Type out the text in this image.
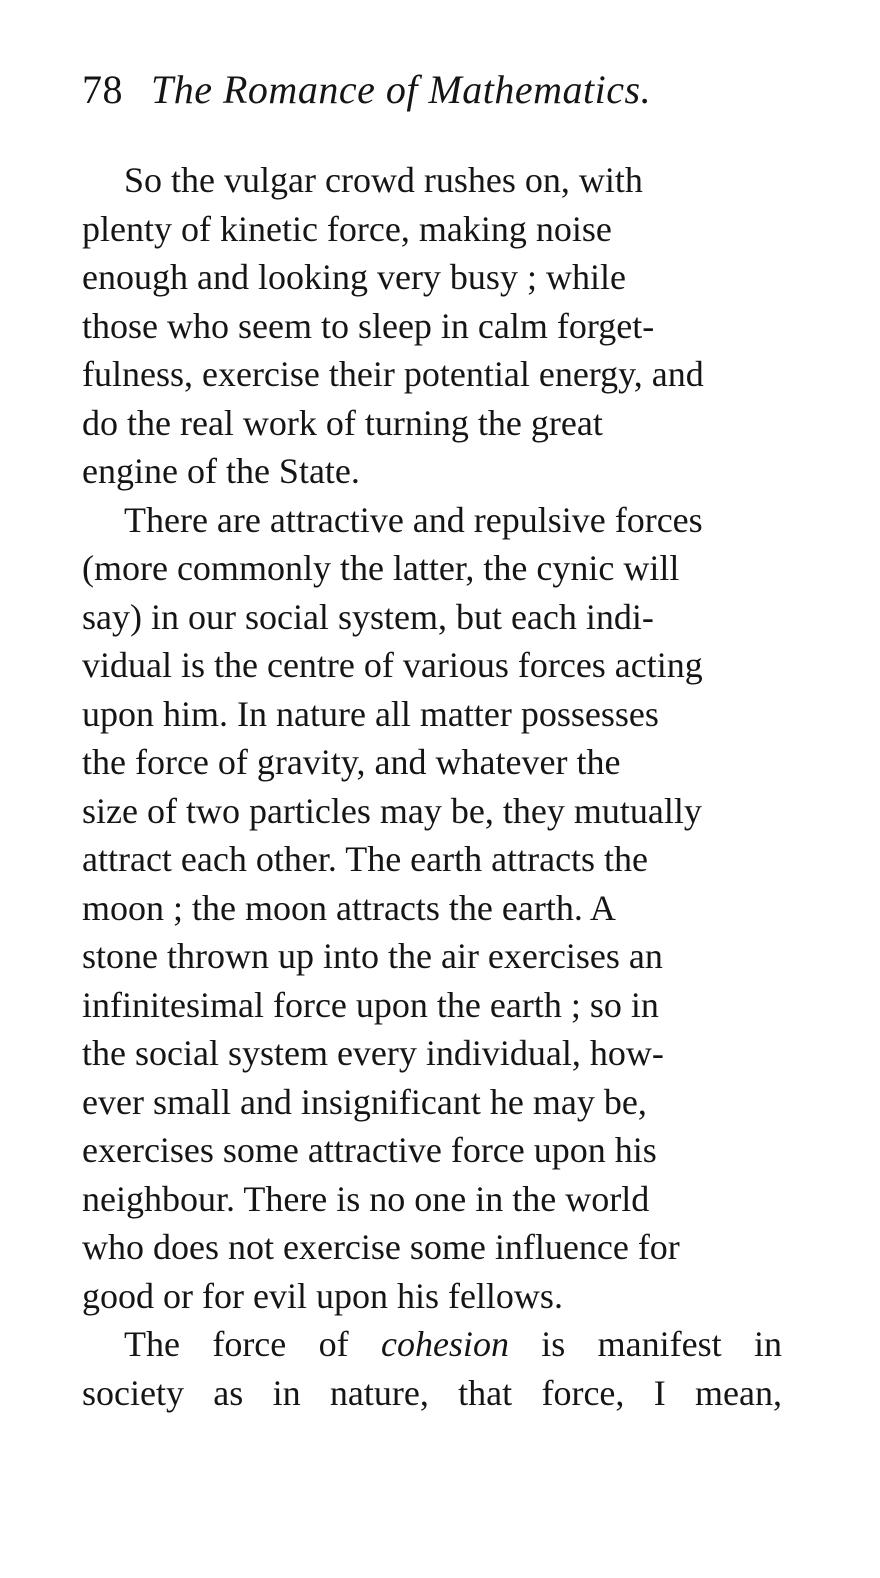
78 The Romance of Mathematics.

So the vulgar crowd rushes on, with
plenty of kinetic force, making noise
enough and looking very busy ; while
those who seem to sleep in calm forget-
fulness, exercise their potential energy, and
do the real work of turning the great
engine of the State.

There are attractive and repulsive forces
(more commonly the latter, the cynic will
say) in our social system, but each indi-
vidual is the centre of various forces acting
upon him. In nature all matter possesses
the force of gravity, and whatever the
size of two particles may be, they mutually
attract each other. The earth attracts the
moon ; the moon attracts the earth. A
stone thrown up into the air exercises an
infinitesimal force upon the earth ; so in
the social system every individual, how-
ever small and insignificant he may be,
exercises some attractive force upon his
neighbour. There is no one in the world
who does not exercise some influence for
good or for evil upon his fellows.

The force of cohesion is manifest in
society as in nature, that force, I mean,
